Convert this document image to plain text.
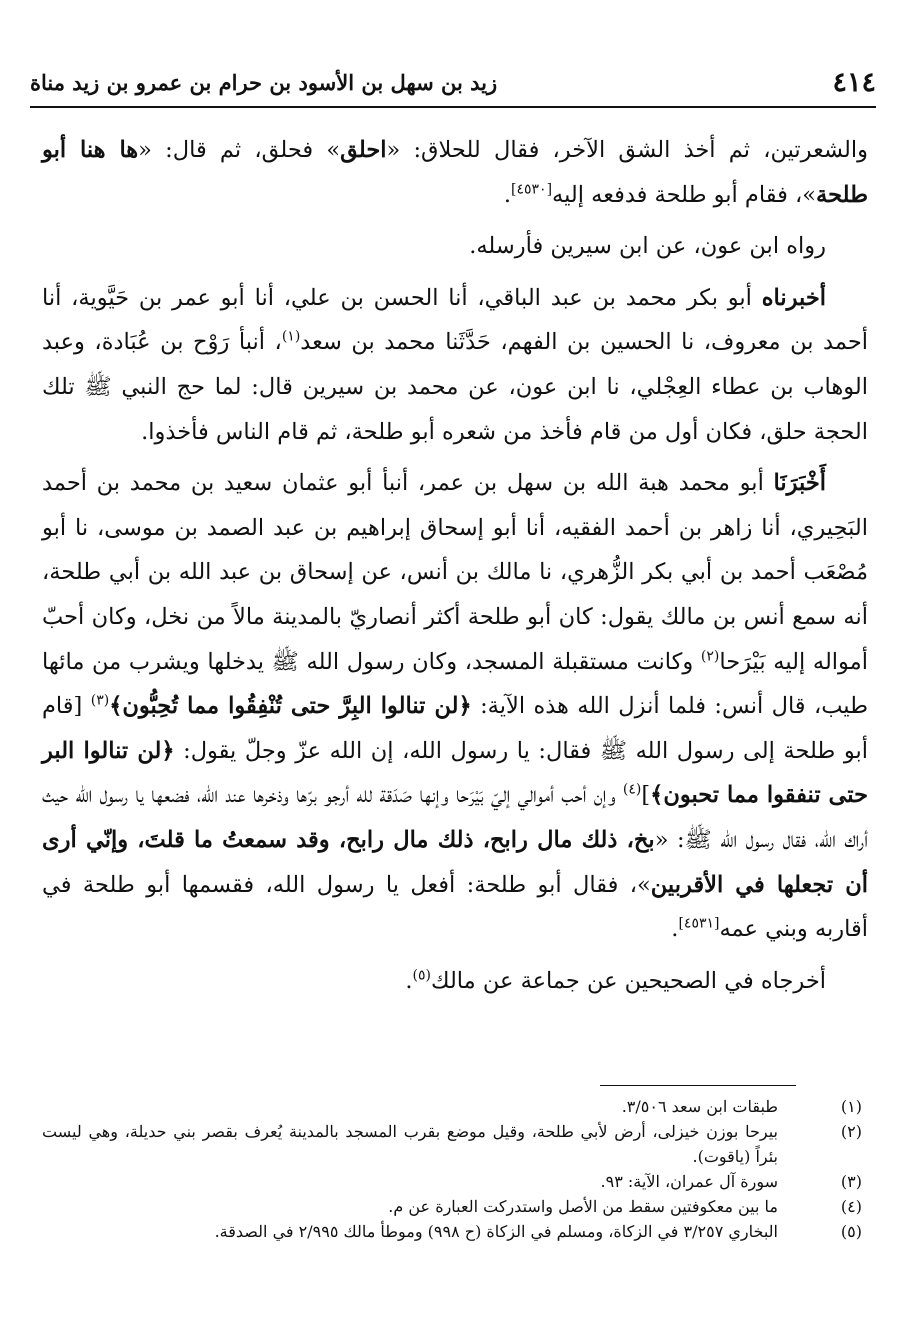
٤١٤
زيد بن سهل بن الأسود بن حرام بن عمرو بن زيد مناة

والشعرتين، ثم أخذ الشق الآخر، فقال للحلاق: «احلق» فحلق، ثم قال: «ها هنا أبو طلحة»، فقام أبو طلحة فدفعه إليه[٤٥٣٠].

رواه ابن عون، عن ابن سيرين فأرسله.

أخبرناه أبو بكر محمد بن عبد الباقي، أنا الحسن بن علي، أنا أبو عمر بن حَيَّوية، أنا أحمد بن معروف، نا الحسين بن الفهم، حَدَّثَنا محمد بن سعد$^{(١)}$، أنبأ رَوْح بن عُبَادة، وعبد الوهاب بن عطاء العِجْلي، نا ابن عون، عن محمد بن سيرين قال: لما حج النبي ﷺ تلك الحجة حلق، فكان أول من قام فأخذ من شعره أبو طلحة، ثم قام الناس فأخذوا.

أَخْبَرَنَا أبو محمد هبة الله بن سهل بن عمر، أنبأ أبو عثمان سعيد بن محمد بن أحمد البَحِيري، أنا زاهر بن أحمد الفقيه، أنا أبو إسحاق إبراهيم بن عبد الصمد بن موسى، نا أبو مُصْعَب أحمد بن أبي بكر الزُّهري، نا مالك بن أنس، عن إسحاق بن عبد الله بن أبي طلحة، أنه سمع أنس بن مالك يقول: كان أبو طلحة أكثر أنصاريّ بالمدينة مالاً من نخل، وكان أحبّ أمواله إليه بَيْرَحا$^{(٢)}$ وكانت مستقبلة المسجد، وكان رسول الله ﷺ يدخلها ويشرب من مائها طيب، قال أنس: فلما أنزل الله هذه الآية: ﴿لن تنالوا البِرَّ حتى تُنْفِقُوا مما تُحِبُّون﴾$^{(٣)}$ [قام أبو طلحة إلى رسول الله ﷺ فقال: يا رسول الله، إن الله عزّ وجلّ يقول: ﴿لن تنالوا البر حتى تنفقوا مما تحبون﴾]$^{(٤)}$ وإن أحب أموالي إليّ بَيْرَحا وإنها صَدَقة لله أرجو برّها وذخرها عند الله، فضعها يا رسول الله حيث أراك الله، فقال رسول الله ﷺ: «بخ، ذلك مال رابح، ذلك مال رابح، وقد سمعتُ ما قلتَ، وإنّي أرى أن تجعلها في الأقربين»، فقال أبو طلحة: أفعل يا رسول الله، فقسمها أبو طلحة في أقاربه وبني عمه[٤٥٣١].

أخرجاه في الصحيحين عن جماعة عن مالك$^{(٥)}$.

(١)
طبقات ابن سعد ٣/٥٠٦.
(٢)
بيرحا بوزن خيزلى، أرض لأبي طلحة، وقيل موضع بقرب المسجد بالمدينة يُعرف بقصر بني حديلة، وهي ليست بئراً (ياقوت).
(٣)
سورة آل عمران، الآية: ٩٣.
(٤)
ما بين معكوفتين سقط من الأصل واستدركت العبارة عن م.
(٥)
البخاري ٣/٢٥٧ في الزكاة، ومسلم في الزكاة (ح ٩٩٨) وموطأ مالك ٢/٩٩٥ في الصدقة.
